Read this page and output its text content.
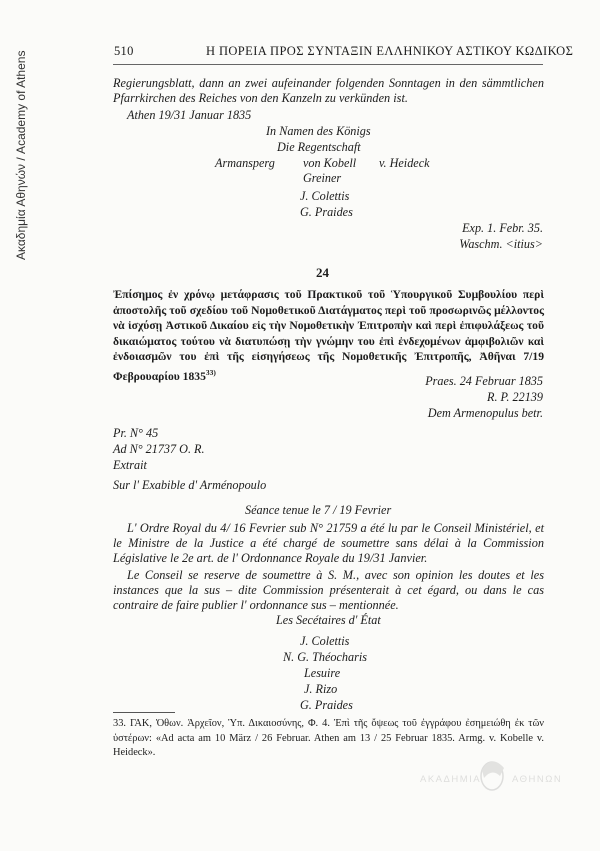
Ακαδημία Αθηνών / Academy of Athens	510	Η ΠΟΡΕΙΑ ΠΡΟΣ ΣΥΝΤΑΞΙΝ ΕΛΛΗΝΙΚΟΥ ΑΣΤΙΚΟΥ ΚΩΔΙΚΟΣ
Regierungsblatt, dann an zwei aufeinander folgenden Sonntagen in den sämmtlichen Pfarrkirchen des Reiches von den Kanzeln zu verkünden ist.
Athen 19/31 Januar 1835
In Namen des Königs
Die Regentschaft
Armansperg von Kobell v. Heideck
Greiner
J. Colettis
G. Praides
Exp. 1. Febr. 35.
Waschm. <itius>
24
Ἐπίσημος ἐν χρόνῳ μετάφρασις τοῦ Πρακτικοῦ τοῦ Ὑπουργικοῦ Συμβουλίου περὶ ἀποστολῆς τοῦ σχεδίου τοῦ Νομοθετικοῦ Διατάγματος περὶ τοῦ προσωρινῶς μέλλοντος νὰ ἰσχύσῃ Ἀστικοῦ Δικαίου εἰς τὴν Νομοθετικὴν Ἐπιτροπὴν καὶ περὶ ἐπιφυλάξεως τοῦ δικαιώματος τούτου νὰ διατυπώσῃ τὴν γνώμην του ἐπὶ ἐνδεχομένων ἀμφιβολιῶν καὶ ἐνδοιασμῶν του ἐπὶ τῆς εἰσηγήσεως τῆς Νομοθετικῆς Ἐπιτροπῆς, Ἀθῆναι 7/19 Φεβρουαρίου 1835$^{33)}$
Praes. 24 Februar 1835
R. P. 22139
Dem Armenopulus betr.
Pr. N° 45
Ad N° 21737 O. R.
Extrait
Sur l' Exabible d' Arménopoulo
Séance tenue le 7 / 19 Fevrier
L' Ordre Royal du 4/ 16 Fevrier sub N° 21759 a été lu par le Conseil Ministériel, et le Ministre de la Justice a été chargé de soumettre sans délai à la Commission Législative le 2e art. de l' Ordonnance Royale du 19/31 Janvier.
Le Conseil se reserve de soumettre à S. M., avec son opinion les doutes et les instances que la sus – dite Commission présenterait à cet égard, ou dans le cas contraire de faire publier l' ordonnance sus – mentionnée.
Les Secétaires d' État
J. Colettis
N. G. Théocharis
Lesuire
J. Rizo
G. Praides
33. ΓΑΚ, Ὀθων. Ἀρχεῖον, Ὑπ. Δικαιοσύνης, Φ. 4. Ἐπὶ τῆς ὄψεως τοῦ ἐγγράφου ἐσημειώθη ἐκ τῶν ὑστέρων: «Ad acta am 10 März / 26 Februar. Athen am 13 / 25 Februar 1835. Armg. v. Kobelle v. Heideck».
ΑΚΑΔΗΜΙΑ	ΑΘΗΝΩΝ
